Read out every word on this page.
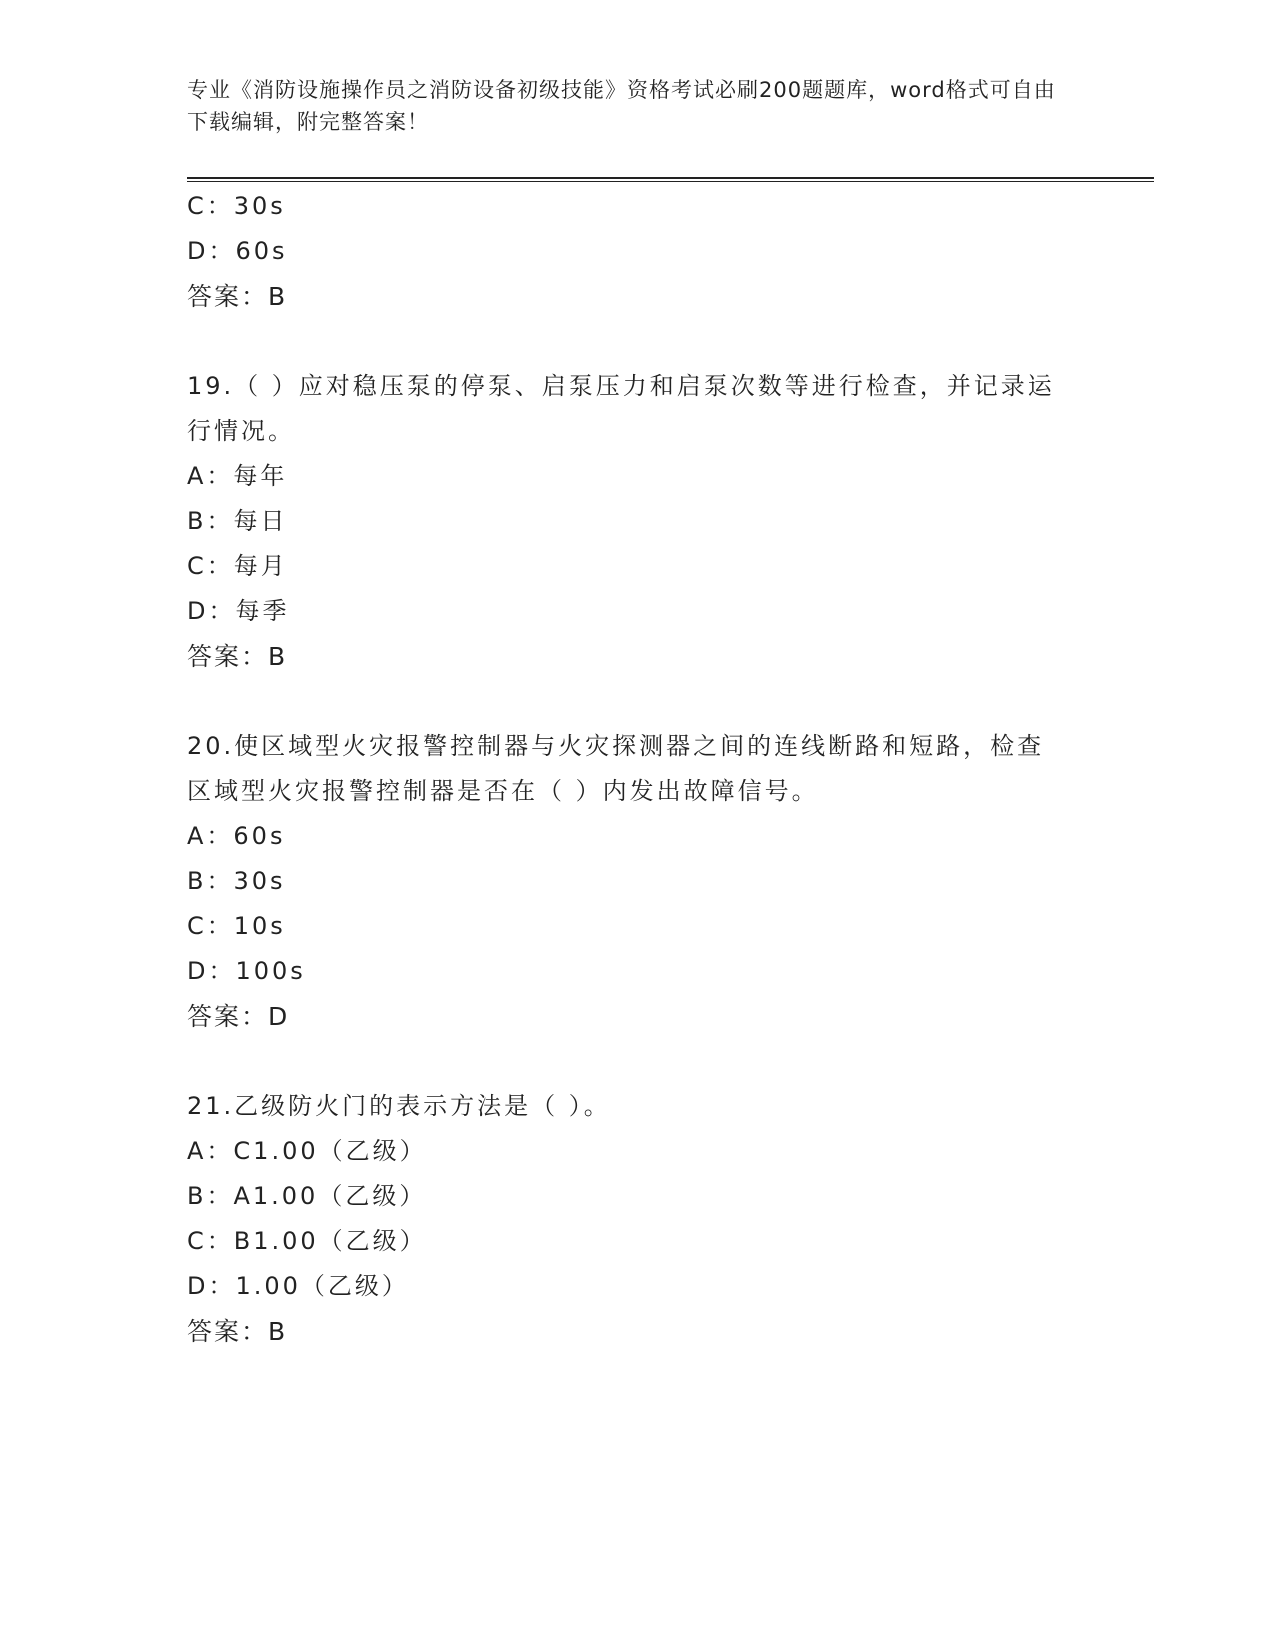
专业《消防设施操作员之消防设备初级技能》资格考试必刷200题题库，word格式可自由下载编辑，附完整答案！
C：30s
D：60s
答案：B
19.（ ）应对稳压泵的停泵、启泵压力和启泵次数等进行检查，并记录运行情况。
A：每年
B：每日
C：每月
D：每季
答案：B
20.使区域型火灾报警控制器与火灾探测器之间的连线断路和短路，检查区域型火灾报警控制器是否在（ ）内发出故障信号。
A：60s
B：30s
C：10s
D：100s
答案：D
21.乙级防火门的表示方法是（ ）。
A：C1.00（乙级）
B：A1.00（乙级）
C：B1.00（乙级）
D：1.00（乙级）
答案：B
